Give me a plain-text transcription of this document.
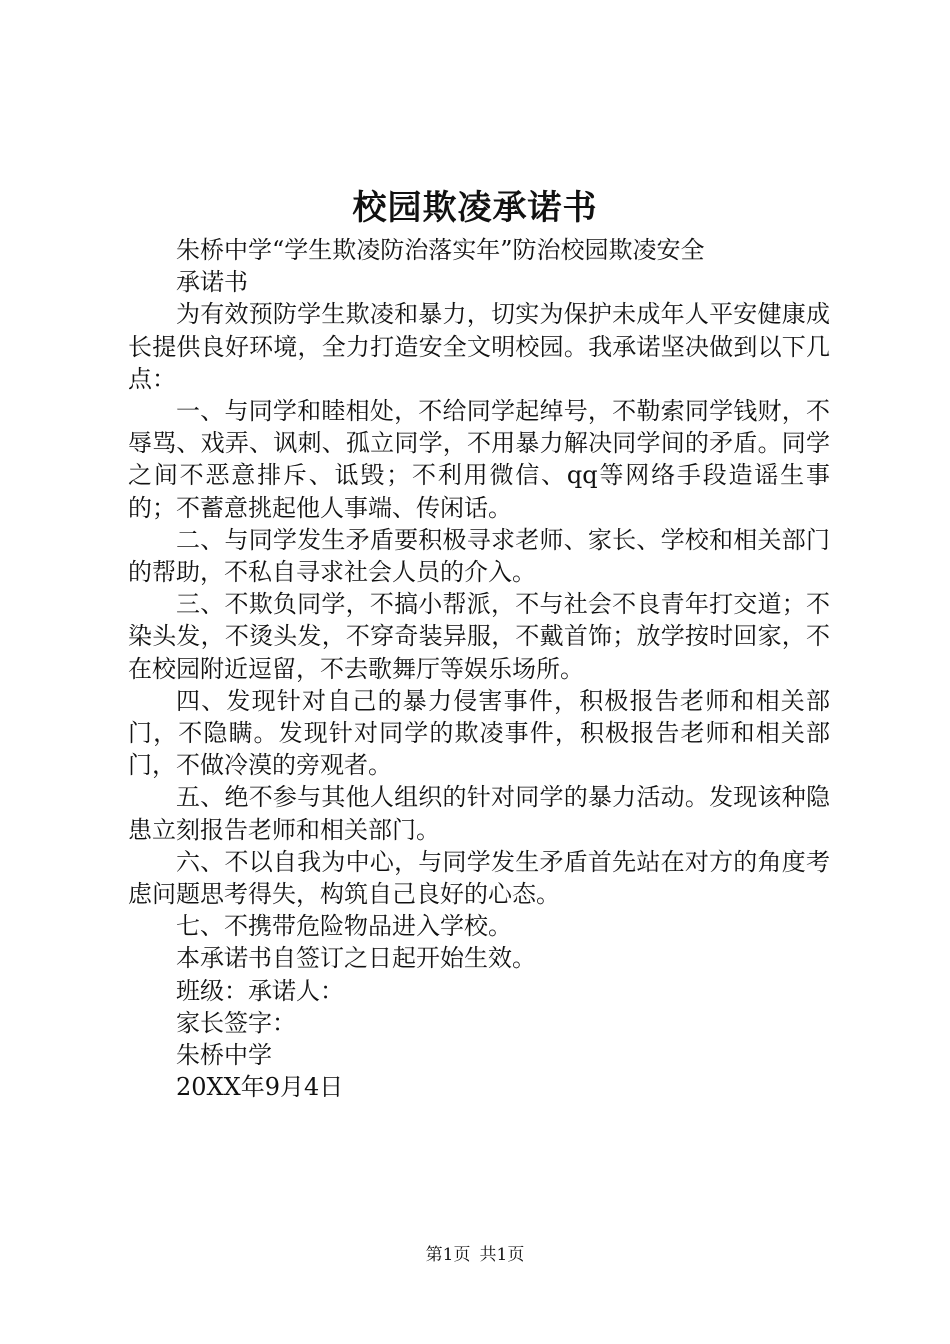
校园欺凌承诺书

朱桥中学“学生欺凌防治落实年”防治校园欺凌安全

承诺书

为有效预防学生欺凌和暴力，切实为保护未成年人平安健康成长提供良好环境，全力打造安全文明校园。我承诺坚决做到以下几点：

一、与同学和睦相处，不给同学起绰号，不勒索同学钱财，不辱骂、戏弄、讽刺、孤立同学，不用暴力解决同学间的矛盾。同学之间不恶意排斥、诋毁；不利用微信、qq等网络手段造谣生事的；不蓄意挑起他人事端、传闲话。

二、与同学发生矛盾要积极寻求老师、家长、学校和相关部门的帮助，不私自寻求社会人员的介入。

三、不欺负同学，不搞小帮派，不与社会不良青年打交道；不染头发，不烫头发，不穿奇装异服，不戴首饰；放学按时回家，不在校园附近逗留，不去歌舞厅等娱乐场所。

四、发现针对自己的暴力侵害事件，积极报告老师和相关部门，不隐瞒。发现针对同学的欺凌事件，积极报告老师和相关部门，不做冷漠的旁观者。

五、绝不参与其他人组织的针对同学的暴力活动。发现该种隐患立刻报告老师和相关部门。

六、不以自我为中心，与同学发生矛盾首先站在对方的角度考虑问题思考得失，构筑自己良好的心态。

七、不携带危险物品进入学校。

本承诺书自签订之日起开始生效。

班级：承诺人：

家长签字：

朱桥中学

20XX年9月4日

第1页 共1页
